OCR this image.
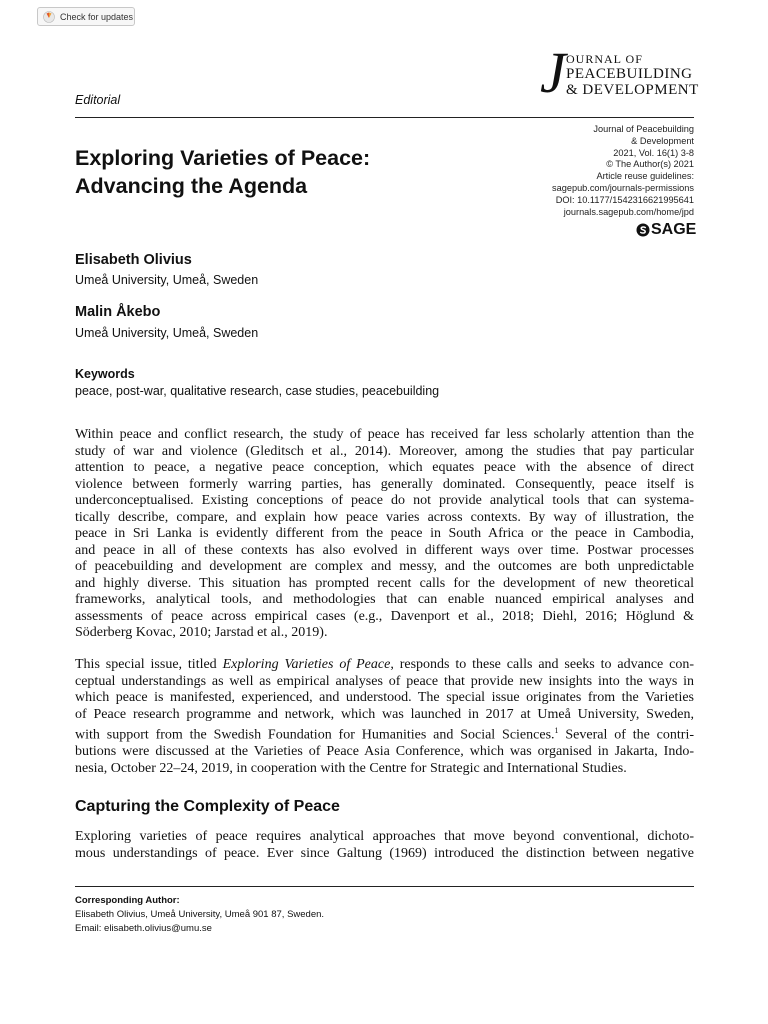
Check for updates
J OURNAL OF
PEACEBUILDING
& DEVELOPMENT
Editorial
Exploring Varieties of Peace:
Advancing the Agenda
Journal of Peacebuilding
& Development
2021, Vol. 16(1) 3-8
© The Author(s) 2021
Article reuse guidelines:
sagepub.com/journals-permissions
DOI: 10.1177/1542316621995641
journals.sagepub.com/home/jpd
SAGE
Elisabeth Olivius
Umeå University, Umeå, Sweden
Malin Åkebo
Umeå University, Umeå, Sweden
Keywords
peace, post-war, qualitative research, case studies, peacebuilding
Within peace and conflict research, the study of peace has received far less scholarly attention than the
study of war and violence (Gleditsch et al., 2014). Moreover, among the studies that pay particular
attention to peace, a negative peace conception, which equates peace with the absence of direct
violence between formerly warring parties, has generally dominated. Consequently, peace itself is
underconceptualised. Existing conceptions of peace do not provide analytical tools that can systema-
tically describe, compare, and explain how peace varies across contexts. By way of illustration, the
peace in Sri Lanka is evidently different from the peace in South Africa or the peace in Cambodia,
and peace in all of these contexts has also evolved in different ways over time. Postwar processes
of peacebuilding and development are complex and messy, and the outcomes are both unpredictable
and highly diverse. This situation has prompted recent calls for the development of new theoretical
frameworks, analytical tools, and methodologies that can enable nuanced empirical analyses and
assessments of peace across empirical cases (e.g., Davenport et al., 2018; Diehl, 2016; Höglund &
Söderberg Kovac, 2010; Jarstad et al., 2019).
This special issue, titled Exploring Varieties of Peace, responds to these calls and seeks to advance con-
ceptual understandings as well as empirical analyses of peace that provide new insights into the ways in
which peace is manifested, experienced, and understood. The special issue originates from the Varieties
of Peace research programme and network, which was launched in 2017 at Umeå University, Sweden,
with support from the Swedish Foundation for Humanities and Social Sciences.$^1$ Several of the contri-
butions were discussed at the Varieties of Peace Asia Conference, which was organised in Jakarta, Indo-
nesia, October 22–24, 2019, in cooperation with the Centre for Strategic and International Studies.
Capturing the Complexity of Peace
Exploring varieties of peace requires analytical approaches that move beyond conventional, dichoto-
mous understandings of peace. Ever since Galtung (1969) introduced the distinction between negative
Corresponding Author:
Elisabeth Olivius, Umeå University, Umeå 901 87, Sweden.
Email: elisabeth.olivius@umu.se
